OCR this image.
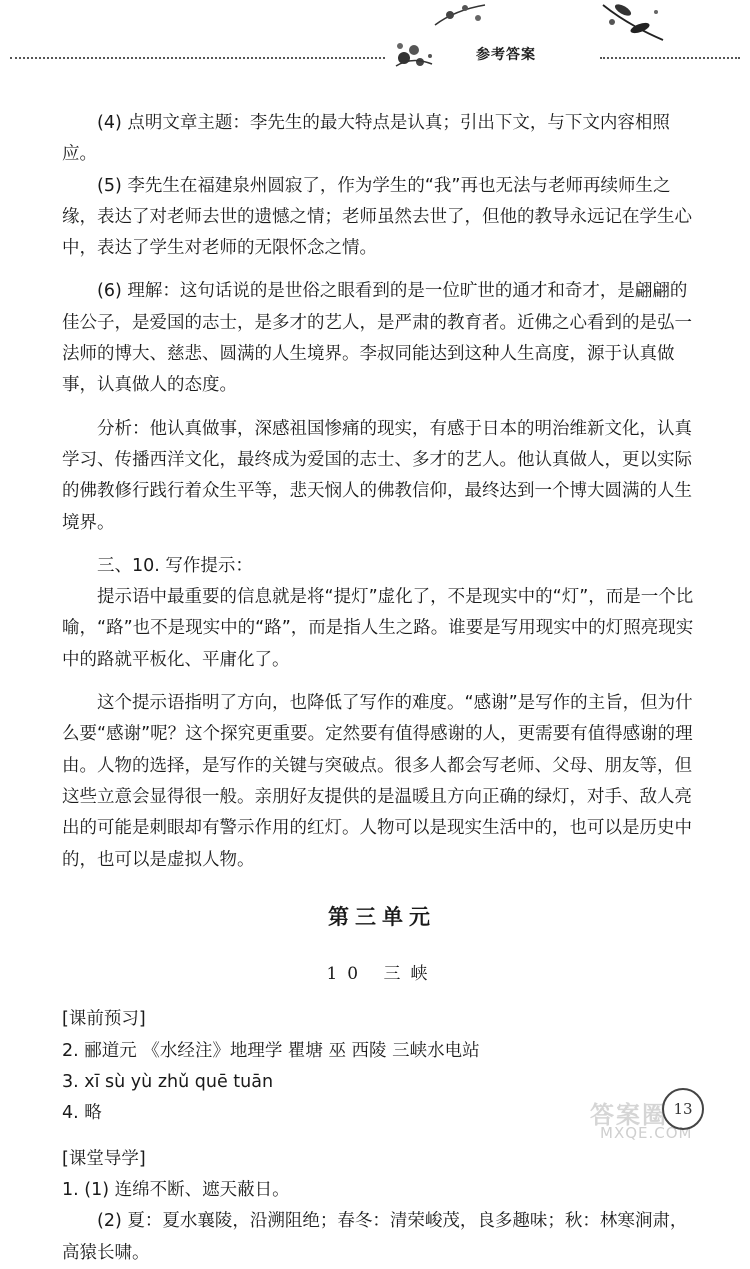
参考答案

(4) 点明文章主题：李先生的最大特点是认真；引出下文，与下文内容相照应。

(5) 李先生在福建泉州圆寂了，作为学生的“我”再也无法与老师再续师生之缘，表达了对老师去世的遗憾之情；老师虽然去世了，但他的教导永远记在学生心中，表达了学生对老师的无限怀念之情。

(6) 理解：这句话说的是世俗之眼看到的是一位旷世的通才和奇才，是翩翩的佳公子，是爱国的志士，是多才的艺人，是严肃的教育者。近佛之心看到的是弘一法师的博大、慈悲、圆满的人生境界。李叔同能达到这种人生高度，源于认真做事，认真做人的态度。

分析：他认真做事，深感祖国惨痛的现实，有感于日本的明治维新文化，认真学习、传播西洋文化，最终成为爱国的志士、多才的艺人。他认真做人，更以实际的佛教修行践行着众生平等，悲天悯人的佛教信仰，最终达到一个博大圆满的人生境界。

三、10. 写作提示：

提示语中最重要的信息就是将“提灯”虚化了，不是现实中的“灯”，而是一个比喻，“路”也不是现实中的“路”，而是指人生之路。谁要是写用现实中的灯照亮现实中的路就平板化、平庸化了。

这个提示语指明了方向，也降低了写作的难度。“感谢”是写作的主旨，但为什么要“感谢”呢？这个探究更重要。定然要有值得感谢的人，更需要有值得感谢的理由。人物的选择，是写作的关键与突破点。很多人都会写老师、父母、朋友等，但这些立意会显得很一般。亲朋好友提供的是温暖且方向正确的绿灯，对手、敌人亮出的可能是刺眼却有警示作用的红灯。人物可以是现实生活中的，也可以是历史中的，也可以是虚拟人物。

第三单元

10 三峡

[课前预习]

2. 郦道元 《水经注》地理学 瞿塘 巫 西陵 三峡水电站

3. xī sù yù zhǔ quē tuān

4. 略

[课堂导学]

1. (1) 连绵不断、遮天蔽日。

(2) 夏：夏水襄陵，沿溯阻绝；春冬：清荣峻茂，良多趣味；秋：林寒涧肃，高猿长啸。

答案圈
MXQE.COM
13
